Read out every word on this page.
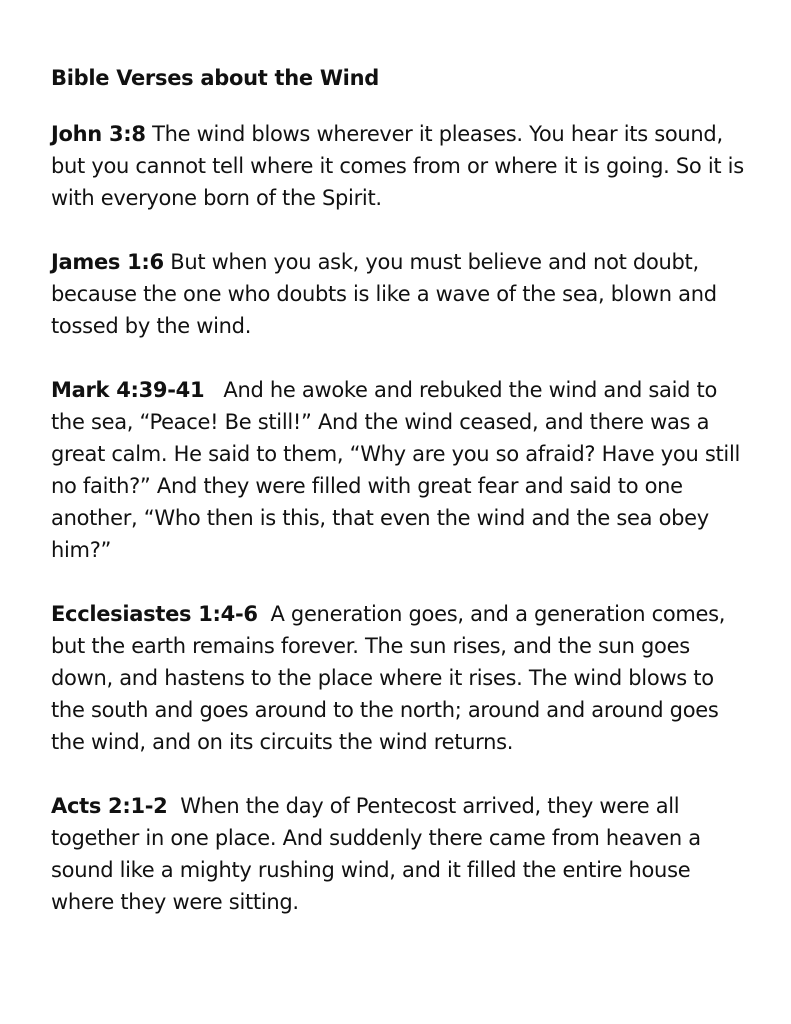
Bible Verses about the Wind

John 3:8 The wind blows wherever it pleases. You hear its sound, but you cannot tell where it comes from or where it is going. So it is with everyone born of the Spirit.

James 1:6 But when you ask, you must believe and not doubt, because the one who doubts is like a wave of the sea, blown and tossed by the wind.

Mark 4:39-41 And he awoke and rebuked the wind and said to the sea, “Peace! Be still!” And the wind ceased, and there was a great calm. He said to them, “Why are you so afraid? Have you still no faith?” And they were filled with great fear and said to one another, “Who then is this, that even the wind and the sea obey him?”

Ecclesiastes 1:4-6 A generation goes, and a generation comes, but the earth remains forever. The sun rises, and the sun goes down, and hastens to the place where it rises. The wind blows to the south and goes around to the north; around and around goes the wind, and on its circuits the wind returns.

Acts 2:1-2 When the day of Pentecost arrived, they were all together in one place. And suddenly there came from heaven a sound like a mighty rushing wind, and it filled the entire house where they were sitting.
